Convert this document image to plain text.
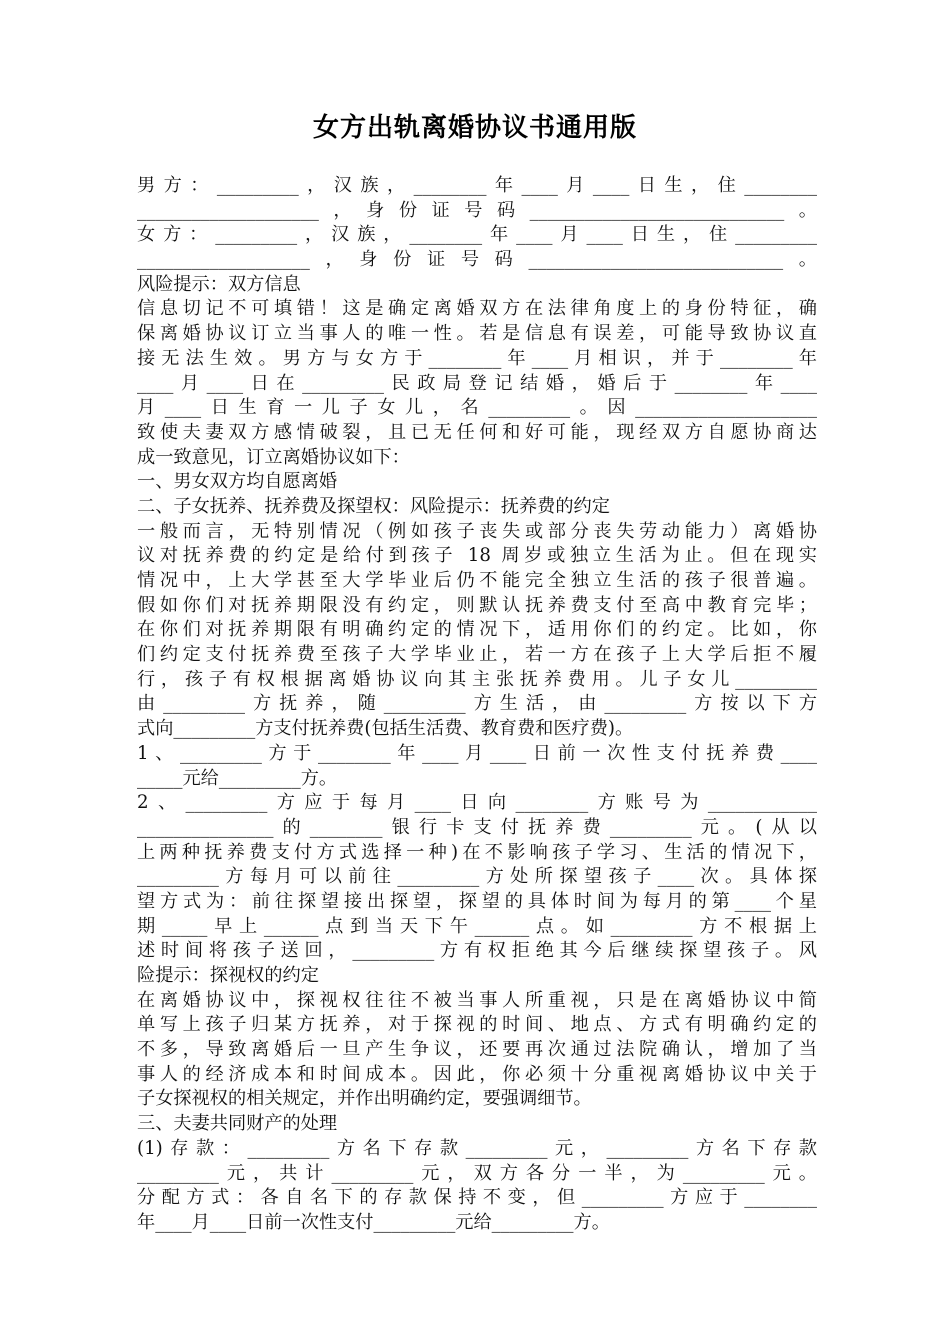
女方出轨离婚协议书通用版
男方：_________，汉族，________年____月____日生，住________
____________________，身份证号码____________________________。
女方：_________，汉族，________年____月____日生，住_________
___________________，身份证号码____________________________。
风险提示：双方信息
信息切记不可填错！这是确定离婚双方在法律角度上的身份特征，确
保离婚协议订立当事人的唯一性。若是信息有误差，可能导致协议直
接无法生效。男方与女方于________年____月相识，并于________年
____月____日在_________民政局登记结婚，婚后于________年____
月____日生育一儿子女儿，名_________。因____________________
致使夫妻双方感情破裂，且已无任何和好可能，现经双方自愿协商达
成一致意见，订立离婚协议如下：
一、男女双方均自愿离婚
二、子女抚养、抚养费及探望权：风险提示：抚养费的约定
一般而言，无特别情况（例如孩子丧失或部分丧失劳动能力）离婚协
议对抚养费的约定是给付到孩子 18 周岁或独立生活为止。但在现实
情况中，上大学甚至大学毕业后仍不能完全独立生活的孩子很普遍。
假如你们对抚养期限没有约定，则默认抚养费支付至高中教育完毕；
在你们对抚养期限有明确约定的情况下，适用你们的约定。比如，你
们约定支付抚养费至孩子大学毕业止，若一方在孩子上大学后拒不履
行，孩子有权根据离婚协议向其主张抚养费用。儿子女儿_________
由_________方抚养，随_________方生活，由_________方按以下方
式向_________方支付抚养费(包括生活费、教育费和医疗费)。
1、_________方于________年____月____日前一次性支付抚养费____
_____元给_________方。
2、_________方应于每月____日向________方账号为____________
_______________的________银行卡支付抚养费_________元。(从以
上两种抚养费支付方式选择一种)在不影响孩子学习、生活的情况下，
_________方每月可以前往_________方处所探望孩子____次。具体探
望方式为：前往探望接出探望，探望的具体时间为每月的第____个星
期_____早上______点到当天下午______点。如_________方不根据上
述时间将孩子送回，_________方有权拒绝其今后继续探望孩子。风
险提示：探视权的约定
在离婚协议中，探视权往往不被当事人所重视，只是在离婚协议中简
单写上孩子归某方抚养，对于探视的时间、地点、方式有明确约定的
不多，导致离婚后一旦产生争议，还要再次通过法院确认，增加了当
事人的经济成本和时间成本。因此，你必须十分重视离婚协议中关于
子女探视权的相关规定，并作出明确约定，要强调细节。
三、夫妻共同财产的处理
(1)存款：_________方名下存款_________元，_________方名下存款
_________元，共计_________元，双方各分一半，为_________元。
分配方式：各自名下的存款保持不变，但_________方应于________
年____月____日前一次性支付_________元给_________方。
